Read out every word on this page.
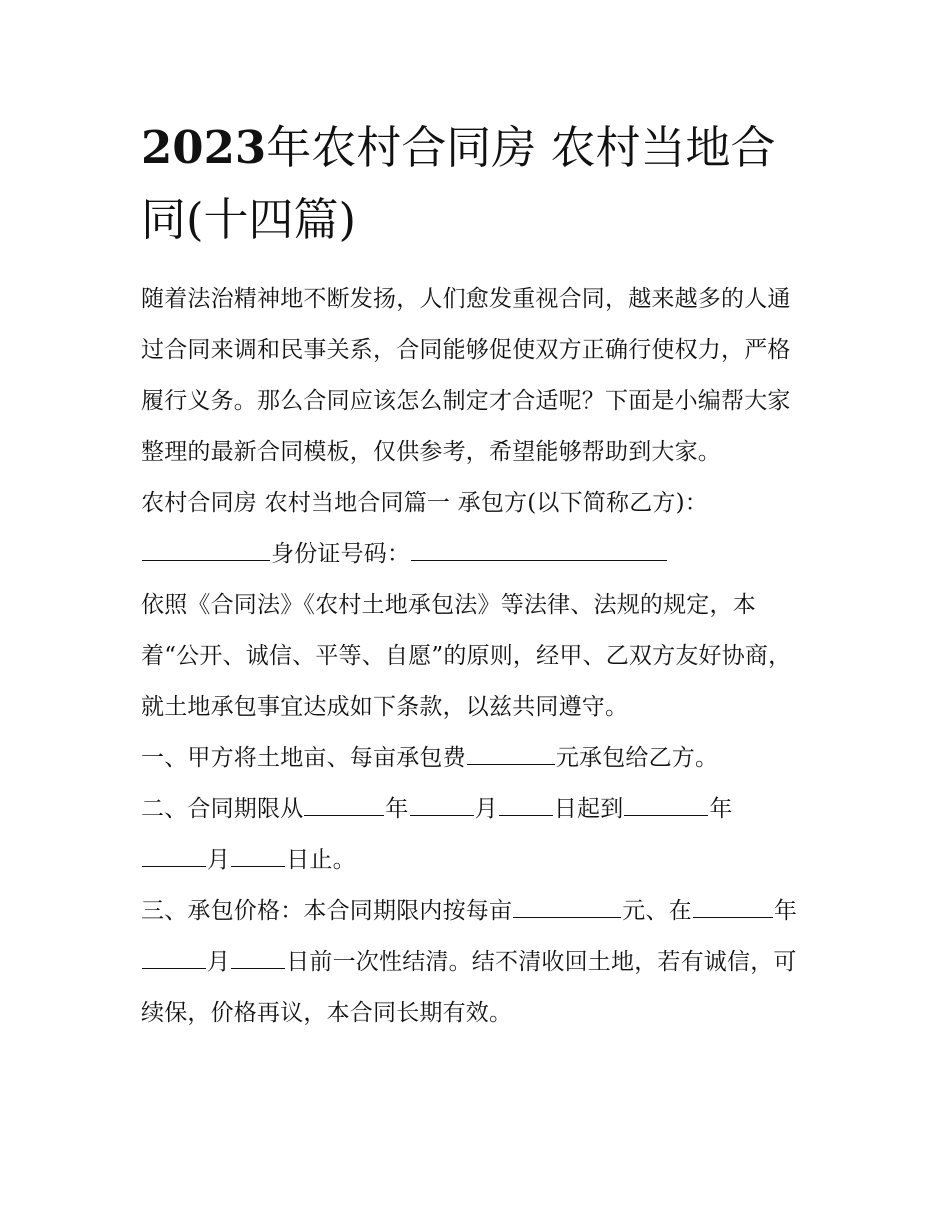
2023年农村合同房 农村当地合同(十四篇)

随着法治精神地不断发扬，人们愈发重视合同，越来越多的人通过合同来调和民事关系，合同能够促使双方正确行使权力，严格履行义务。那么合同应该怎么制定才合适呢？下面是小编帮大家整理的最新合同模板，仅供参考，希望能够帮助到大家。

农村合同房 农村当地合同篇一 承包方(以下简称乙方)：

身份证号码：

依照《合同法》《农村土地承包法》等法律、法规的规定，本着“公开、诚信、平等、自愿”的原则，经甲、乙双方友好协商，就土地承包事宜达成如下条款，以兹共同遵守。

一、甲方将土地亩、每亩承包费	元承包给乙方。

二、合同期限从	年	月 日起到	年
月 日止。

三、承包价格：本合同期限内按每亩	元、在	年月 日前一次性结清。结不清收回土地，若有诚信，可续保，价格再议，本合同长期有效。
